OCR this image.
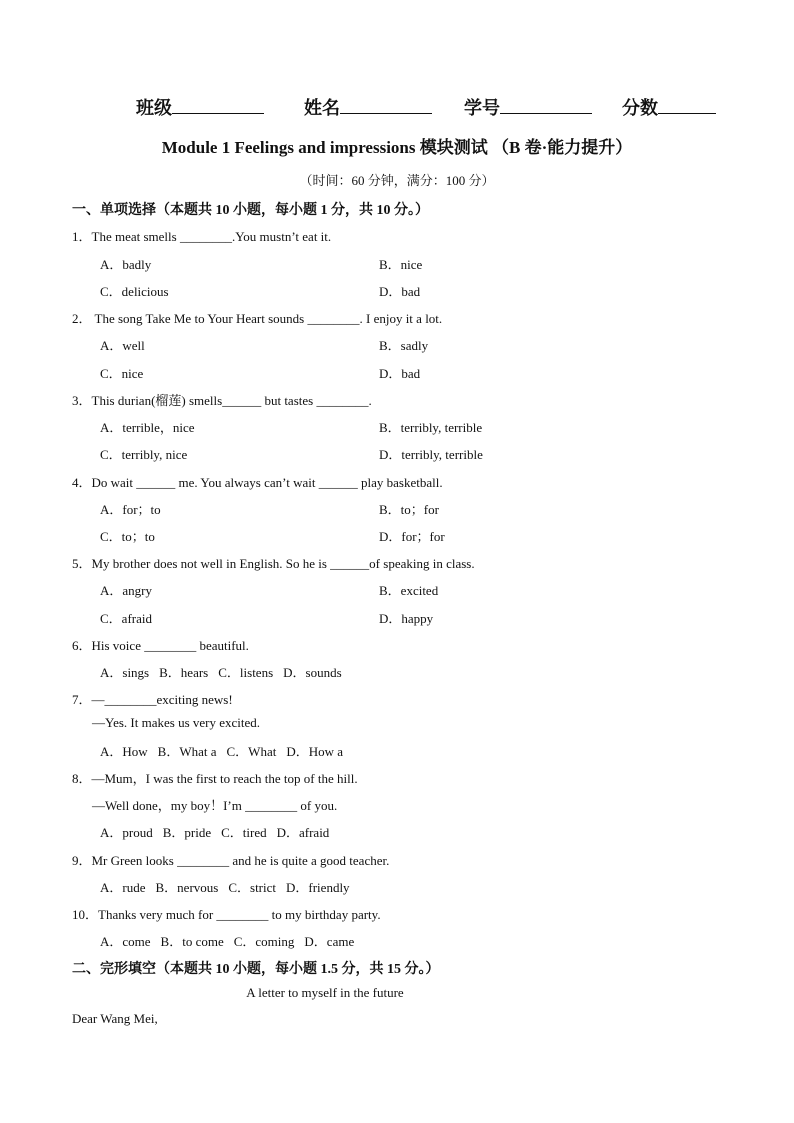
班级	姓名	学号	分数
Module 1 Feelings and impressions 模块测试 （B 卷·能力提升）
（时间：60 分钟，满分：100 分）
一、单项选择（本题共 10 小题，每小题 1 分，共 10 分。）
1．The meat smells ________.You mustn’t eat it.
A．badly	B．nice
C．delicious	D．bad
2． The song Take Me to Your Heart sounds ________. I enjoy it a lot.
A．well	B．sadly
C．nice	D．bad
3．This durian(榴莲) smells______ but tastes ________.
A．terrible，nice	B．terribly, terrible
C．terribly, nice	D．terribly, terrible
4．Do wait ______ me. You always can’t wait ______ play basketball.
A．for；to	B．to；for
C．to；to	D．for；for
5．My brother does not well in English. So he is ______of speaking in class.
A．angry	B．excited
C．afraid	D．happy
6．His voice ________ beautiful.
A．sings B．hears C．listens D．sounds
7．—________exciting news!
—Yes. It makes us very excited.
A．How B．What a C．What D．How a
8．—Mum，I was the first to reach the top of the hill.
—Well done，my boy！I’m ________ of you.
A．proud B．pride C．tired D．afraid
9．Mr Green looks ________ and he is quite a good teacher.
A．rude B．nervous C．strict D．friendly
10．Thanks very much for ________ to my birthday party.
A．come B．to come C．coming D．came
二、完形填空（本题共 10 小题，每小题 1.5 分，共 15 分。）
A letter to myself in the future
Dear Wang Mei,
